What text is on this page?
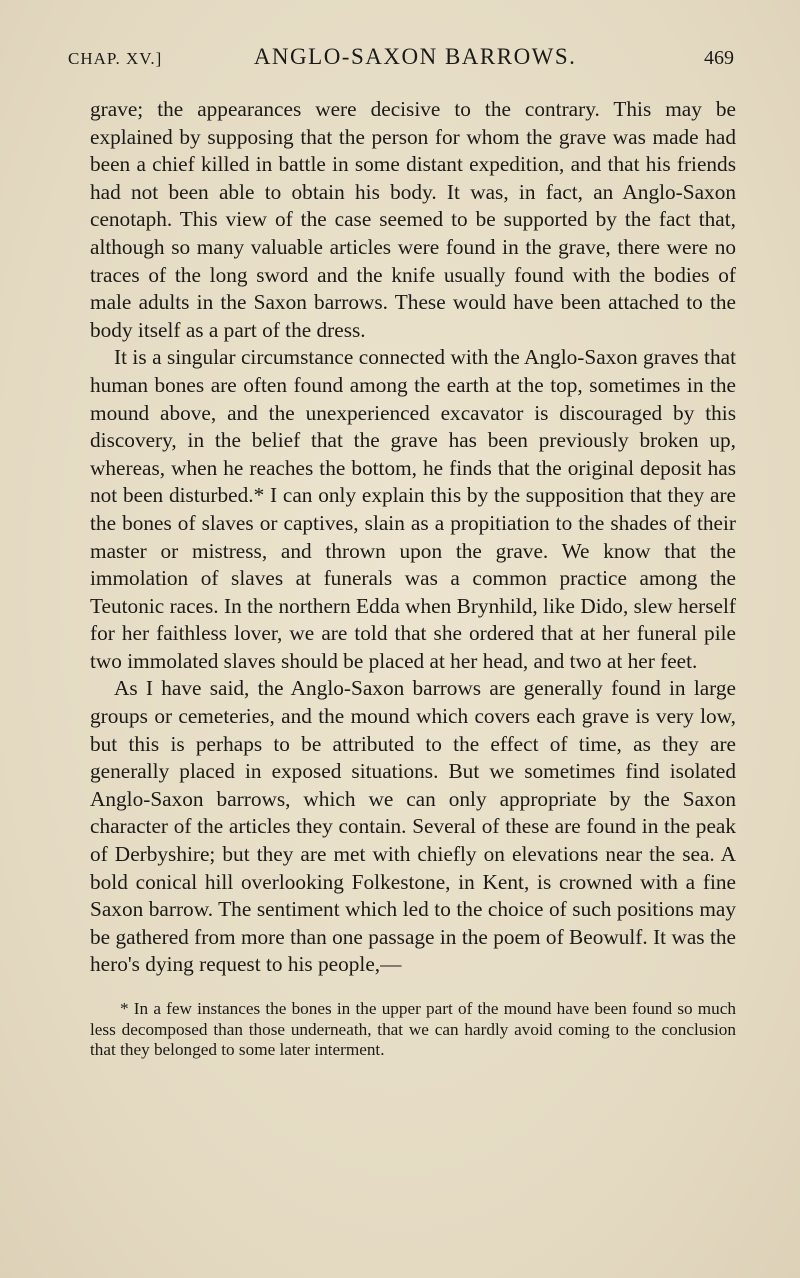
CHAP. XV.]	ANGLO-SAXON BARROWS.	469

grave; the appearances were decisive to the contrary. This may be explained by supposing that the person for whom the grave was made had been a chief killed in battle in some distant expedition, and that his friends had not been able to obtain his body. It was, in fact, an Anglo-Saxon cenotaph. This view of the case seemed to be supported by the fact that, although so many valuable articles were found in the grave, there were no traces of the long sword and the knife usually found with the bodies of male adults in the Saxon barrows. These would have been attached to the body itself as a part of the dress.

It is a singular circumstance connected with the Anglo-Saxon graves that human bones are often found among the earth at the top, sometimes in the mound above, and the unexperienced excavator is discouraged by this discovery, in the belief that the grave has been previously broken up, whereas, when he reaches the bottom, he finds that the original deposit has not been disturbed.* I can only explain this by the supposition that they are the bones of slaves or captives, slain as a propitiation to the shades of their master or mistress, and thrown upon the grave. We know that the immolation of slaves at funerals was a common practice among the Teutonic races. In the northern Edda when Brynhild, like Dido, slew herself for her faithless lover, we are told that she ordered that at her funeral pile two immolated slaves should be placed at her head, and two at her feet.

As I have said, the Anglo-Saxon barrows are generally found in large groups or cemeteries, and the mound which covers each grave is very low, but this is perhaps to be attributed to the effect of time, as they are generally placed in exposed situations. But we sometimes find isolated Anglo-Saxon barrows, which we can only appropriate by the Saxon character of the articles they contain. Several of these are found in the peak of Derbyshire; but they are met with chiefly on elevations near the sea. A bold conical hill overlooking Folkestone, in Kent, is crowned with a fine Saxon barrow. The sentiment which led to the choice of such positions may be gathered from more than one passage in the poem of Beowulf. It was the hero's dying request to his people,—

* In a few instances the bones in the upper part of the mound have been found so much less decomposed than those underneath, that we can hardly avoid coming to the conclusion that they belonged to some later interment.
